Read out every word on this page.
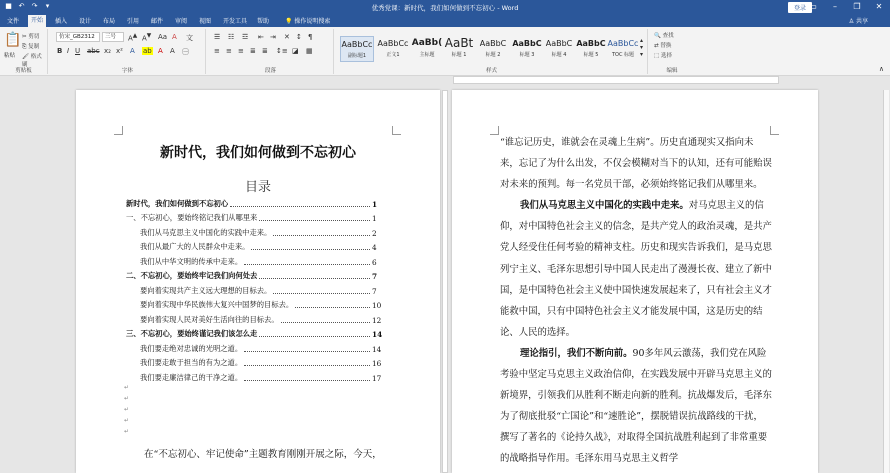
■ ↶ ↷	▾	优秀党课：新时代，我们如何做到不忘初心 - Word	登录 ▭	–	❐	✕
文件	开始	插入	设计	布局	引用	邮件	审阅	视图	开发工具	帮助	💡 操作说明搜索	♙ 共享
📋
粘贴
✂ 剪切
⎘ 复制
🖌 格式刷
剪贴板
仿宋_GB2312	三号	A▲ A▼ Aa A 文
B I U abc x₂ x² A ab A A ㊀
字体
☰ ☷ ☲ ⇤ ⇥ ✕ ↕ ¶
≡ ≡ ≡ ≣ ≣ ↕≡ ◪ ▦
段落
AaBbCc
副标题1
AaBbCc
正文1
AaBb(
主标题
AaBt
标题 1
AaBbC
标题 2
AaBbC
标题 3
AaBbC
标题 4
AaBbC
标题 5
AaBbCc
TOC 标题
▴
▾
▾
样式
🔍 查找
⇄ 替换
⬚ 选择
编辑	∧
新时代，我们如何做到不忘初心
目录
新时代，我们如何做到不忘初心	1
一、不忘初心，要始终铭记我们从哪里来	1
我们从马克思主义中国化的实践中走来。	2
我们从最广大的人民群众中走来。	4
我们从中华文明的传承中走来。	6
二、不忘初心，要始终牢记我们向何处去	7
要向着实现共产主义远大理想的目标去。	7
要向着实现中华民族伟大复兴中国梦的目标去。	10
要向着实现人民对美好生活向往的目标去。	12
三、不忘初心，要始终谨记我们该怎么走	14
我们要走绝对忠诚的光明之道。	14
我们要走敢于担当的有为之道。	16
我们要走廉洁律己的干净之道。	17
↵
↵
↵
↵
↵
在“不忘初心、牢记使命”主题教育刚刚开展之际，今天，

“谁忘记历史，谁就会在灵魂上生病”。历史直通现实又指向未来，忘记了为什么出发，不仅会模糊对当下的认知，还有可能贻误对未来的预判。每一名党员干部，必须始终铭记我们从哪里来。

我们从马克思主义中国化的实践中走来。对马克思主义的信仰，对中国特色社会主义的信念，是共产党人的政治灵魂，是共产党人经受住任何考验的精神支柱。历史和现实告诉我们，是马克思列宁主义、毛泽东思想引导中国人民走出了漫漫长夜、建立了新中国，是中国特色社会主义使中国快速发展起来了，只有社会主义才能救中国，只有中国特色社会主义才能发展中国，这是历史的结论、人民的选择。

理论指引，我们不断向前。90多年风云激荡，我们党在风险考验中坚定马克思主义政治信仰，在实践发展中开辟马克思主义的新境界，引领我们从胜利不断走向新的胜利。抗战爆发后，毛泽东为了彻底批驳“亡国论”和“速胜论”，摆脱错误抗战路线的干扰，撰写了著名的《论持久战》，对取得全国抗战胜利起到了非常重要的战略指导作用。毛泽东用马克思主义哲学
